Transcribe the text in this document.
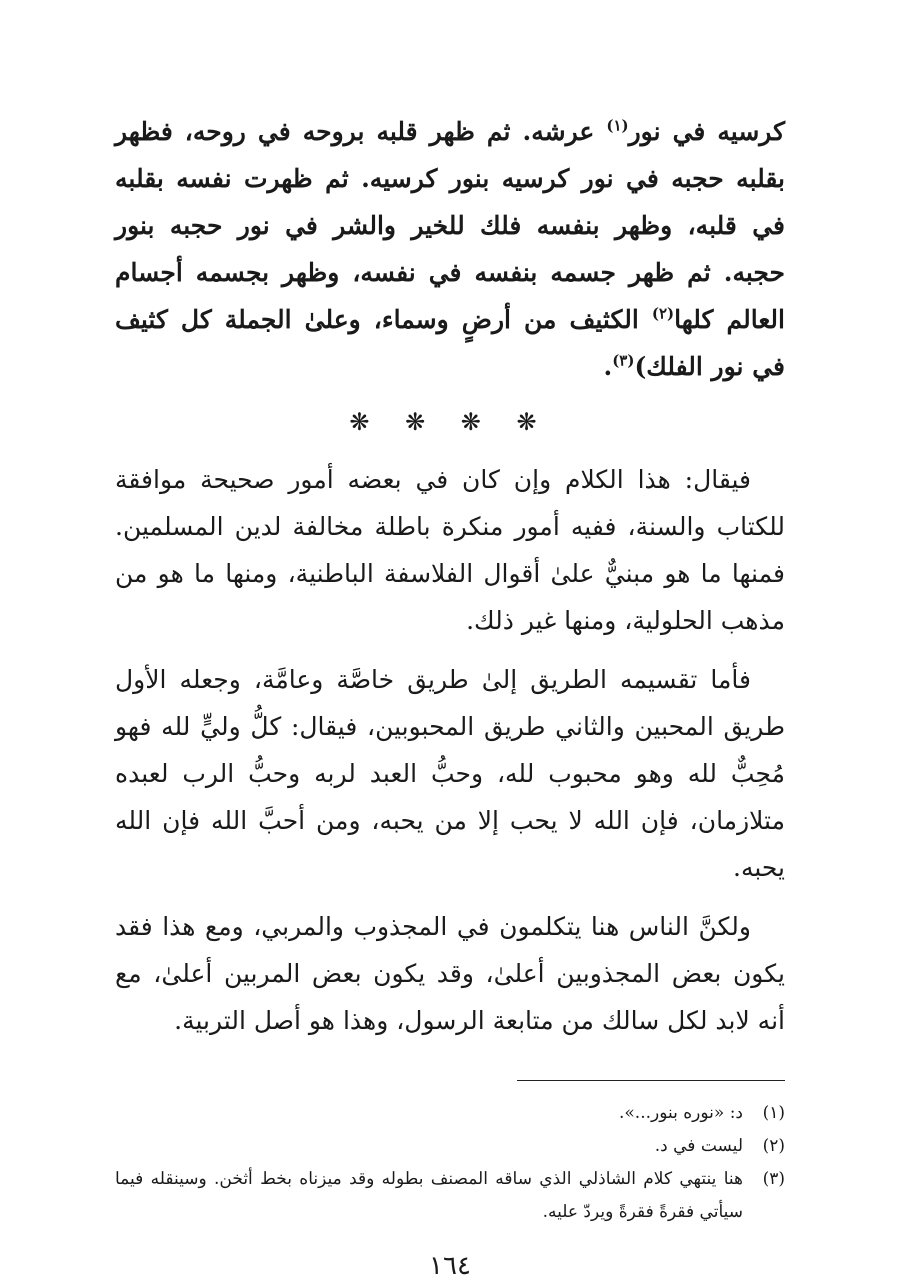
كرسيه في نور$^{(١)}$ عرشه. ثم ظهر قلبه بروحه في روحه، فظهر بقلبه حجبه في نور كرسيه بنور كرسيه. ثم ظهرت نفسه بقلبه في قلبه، وظهر بنفسه فلك للخير والشر في نور حجبه بنور حجبه. ثم ظهر جسمه بنفسه في نفسه، وظهر بجسمه أجسام العالم كلها$^{(٢)}$ الكثيف من أرضٍ وسماء، وعلىٰ الجملة كل كثيف في نور الفلك)$^{(٣)}$.

❋ ❋ ❋ ❋

فيقال: هذا الكلام وإن كان في بعضه أمور صحيحة موافقة للكتاب والسنة، ففيه أمور منكرة باطلة مخالفة لدين المسلمين. فمنها ما هو مبنيٌّ علىٰ أقوال الفلاسفة الباطنية، ومنها ما هو من مذهب الحلولية، ومنها غير ذلك.

فأما تقسيمه الطريق إلىٰ طريق خاصَّة وعامَّة، وجعله الأول طريق المحبين والثاني طريق المحبوبين، فيقال: كلُّ وليٍّ لله فهو مُحِبٌّ لله وهو محبوب لله، وحبُّ العبد لربه وحبُّ الرب لعبده متلازمان، فإن الله لا يحب إلا من يحبه، ومن أحبَّ الله فإن الله يحبه.

ولكنَّ الناس هنا يتكلمون في المجذوب والمربي، ومع هذا فقد يكون بعض المجذوبين أعلىٰ، وقد يكون بعض المربين أعلىٰ، مع أنه لابد لكل سالك من متابعة الرسول، وهذا هو أصل التربية.

(١)
د: «نوره بنور...».
(٢)
ليست في د.
(٣)
هنا ينتهي كلام الشاذلي الذي ساقه المصنف بطوله وقد ميزناه بخط أثخن. وسينقله فيما سيأتي فقرةً فقرةً ويردّ عليه.
١٦٤
